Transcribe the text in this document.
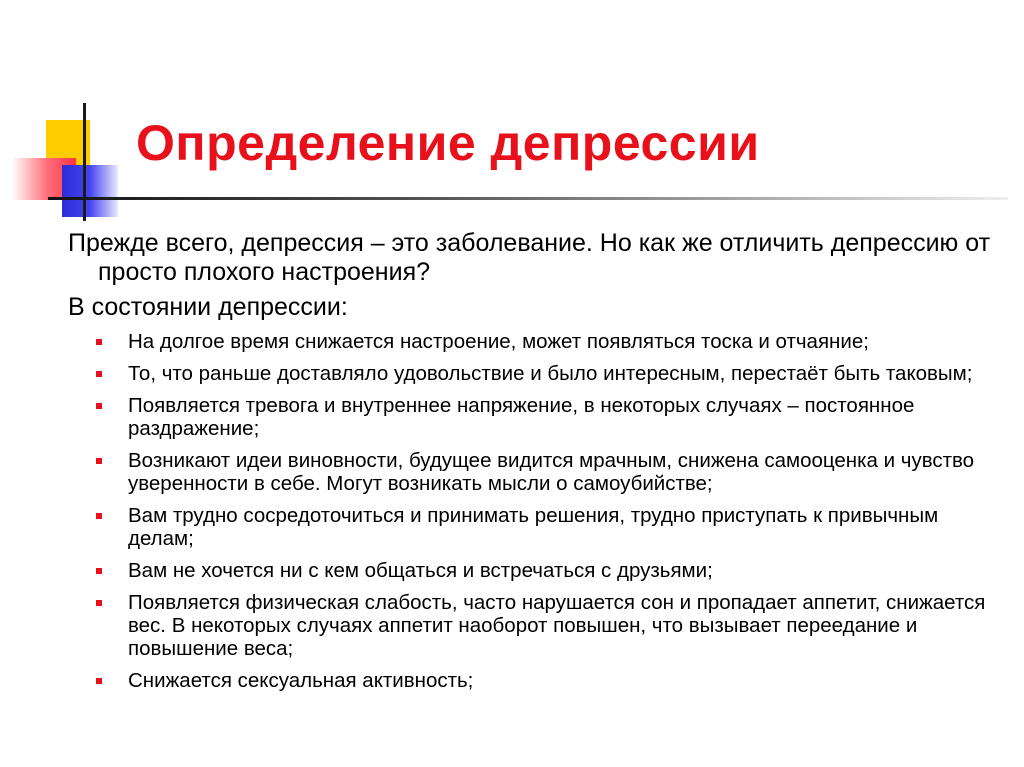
Определение депрессии

Прежде всего, депрессия – это заболевание. Но как же отличить депрессию от просто плохого настроения?

В состоянии депрессии:

На долгое время снижается настроение, может появляться тоска и отчаяние;
То, что раньше доставляло удовольствие и было интересным, перестаёт быть таковым;
Появляется тревога и внутреннее напряжение, в некоторых случаях – постоянное раздражение;
Возникают идеи виновности, будущее видится мрачным, снижена самооценка и чувство уверенности в себе. Могут возникать мысли о самоубийстве;
Вам трудно сосредоточиться и принимать решения, трудно приступать к привычным делам;
Вам не хочется ни с кем общаться и встречаться с друзьями;
Появляется физическая слабость, часто нарушается сон и пропадает аппетит, снижается вес. В некоторых случаях аппетит наоборот повышен, что вызывает переедание и повышение веса;
Снижается сексуальная активность;
